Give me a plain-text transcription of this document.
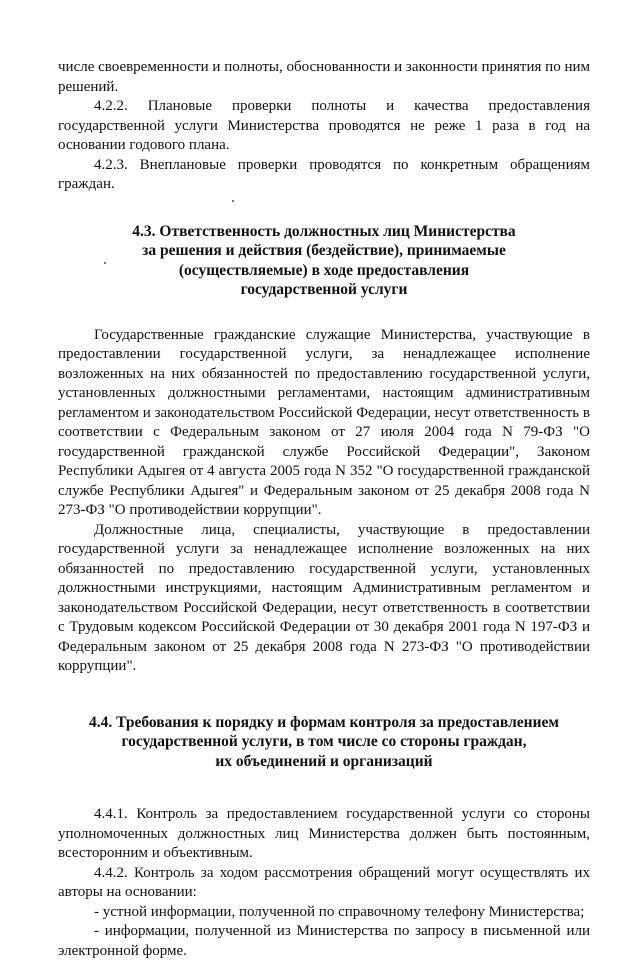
числе своевременности и полноты, обоснованности и законности принятия по ним решений.

4.2.2. Плановые проверки полноты и качества предоставления государственной услуги Министерства проводятся не реже 1 раза в год на основании годового плана.

4.2.3. Внеплановые проверки проводятся по конкретным обращениям граждан.

4.3. Ответственность должностных лиц Министерства
за решения и действия (бездействие), принимаемые
(осуществляемые) в ходе предоставления
государственной услуги

Государственные гражданские служащие Министерства, участвующие в предоставлении государственной услуги, за ненадлежащее исполнение возложенных на них обязанностей по предоставлению государственной услуги, установленных должностными регламентами, настоящим административным регламентом и законодательством Российской Федерации, несут ответственность в соответствии с Федеральным законом от 27 июля 2004 года N 79-ФЗ "О государственной гражданской службе Российской Федерации", Законом Республики Адыгея от 4 августа 2005 года N 352 "О государственной гражданской службе Республики Адыгея" и Федеральным законом от 25 декабря 2008 года N 273-ФЗ "О противодействии коррупции".

Должностные лица, специалисты, участвующие в предоставлении государственной услуги за ненадлежащее исполнение возложенных на них обязанностей по предоставлению государственной услуги, установленных должностными инструкциями, настоящим Административным регламентом и законодательством Российской Федерации, несут ответственность в соответствии с Трудовым кодексом Российской Федерации от 30 декабря 2001 года N 197-ФЗ и Федеральным законом от 25 декабря 2008 года N 273-ФЗ "О противодействии коррупции".

4.4. Требования к порядку и формам контроля за предоставлением
государственной услуги, в том числе со стороны граждан,
их объединений и организаций

4.4.1. Контроль за предоставлением государственной услуги со стороны уполномоченных должностных лиц Министерства должен быть постоянным, всесторонним и объективным.

4.4.2. Контроль за ходом рассмотрения обращений могут осуществлять их авторы на основании:

- устной информации, полученной по справочному телефону Министерства;

- информации, полученной из Министерства по запросу в письменной или электронной форме.
